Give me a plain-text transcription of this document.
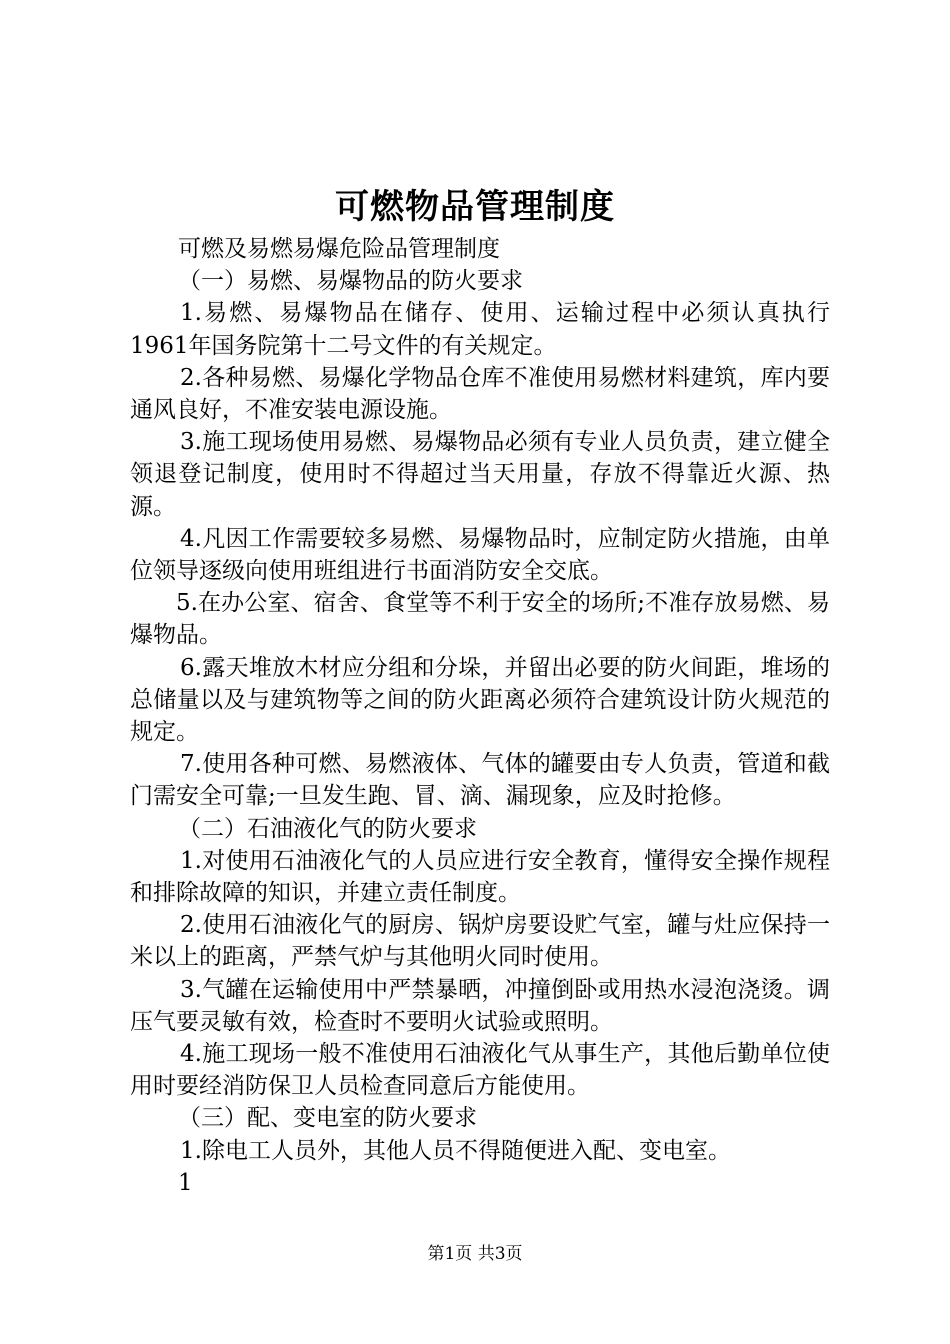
可燃物品管理制度

可燃及易燃易爆危险品管理制度

（一）易燃、易爆物品的防火要求

1.易燃、易爆物品在储存、使用、运输过程中必须认真执行1961年国务院第十二号文件的有关规定。

2.各种易燃、易爆化学物品仓库不准使用易燃材料建筑，库内要通风良好，不准安装电源设施。

3.施工现场使用易燃、易爆物品必须有专业人员负责，建立健全领退登记制度，使用时不得超过当天用量，存放不得靠近火源、热源。

4.凡因工作需要较多易燃、易爆物品时，应制定防火措施，由单位领导逐级向使用班组进行书面消防安全交底。

5.在办公室、宿舍、食堂等不利于安全的场所;不准存放易燃、易爆物品。

6.露天堆放木材应分组和分垛，并留出必要的防火间距，堆场的总储量以及与建筑物等之间的防火距离必须符合建筑设计防火规范的规定。

7.使用各种可燃、易燃液体、气体的罐要由专人负责，管道和截门需安全可靠;一旦发生跑、冒、滴、漏现象，应及时抢修。

（二）石油液化气的防火要求

1.对使用石油液化气的人员应进行安全教育，懂得安全操作规程和排除故障的知识，并建立责任制度。

2.使用石油液化气的厨房、锅炉房要设贮气室，罐与灶应保持一米以上的距离，严禁气炉与其他明火同时使用。

3.气罐在运输使用中严禁暴晒，冲撞倒卧或用热水浸泡浇烫。调压气要灵敏有效，检查时不要明火试验或照明。

4.施工现场一般不准使用石油液化气从事生产，其他后勤单位使用时要经消防保卫人员检查同意后方能使用。

（三）配、变电室的防火要求

1.除电工人员外，其他人员不得随便进入配、变电室。

1

第1页 共3页
